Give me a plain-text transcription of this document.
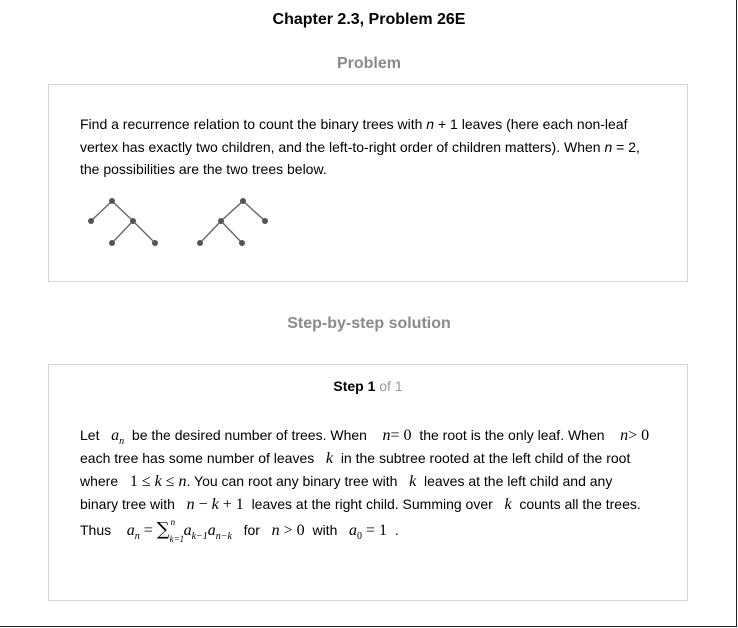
Chapter 2.3, Problem 26E
Problem

Find a recurrence relation to count the binary trees with n + 1 leaves (here each non-leaf

vertex has exactly two children, and the left-to-right order of children matters). When n = 2,

the possibilities are the two trees below.

Step-by-step solution
Step 1 of 1
Let $a_n$ be the desired number of trees. When n= 0 the root is the only leaf. When n> 0
each tree has some number of leaves k in the subtree rooted at the left child of the root
where 1 ≤ k ≤ n. You can root any binary tree with k leaves at the left child and any
binary tree with n − k + 1 leaves at the right child. Summing over k counts all the trees.
Thus $a_n$ = ∑ n
k=1 $a_{k-1}a_{n-k}$ for n > 0 with $a_0 = 1$ .
